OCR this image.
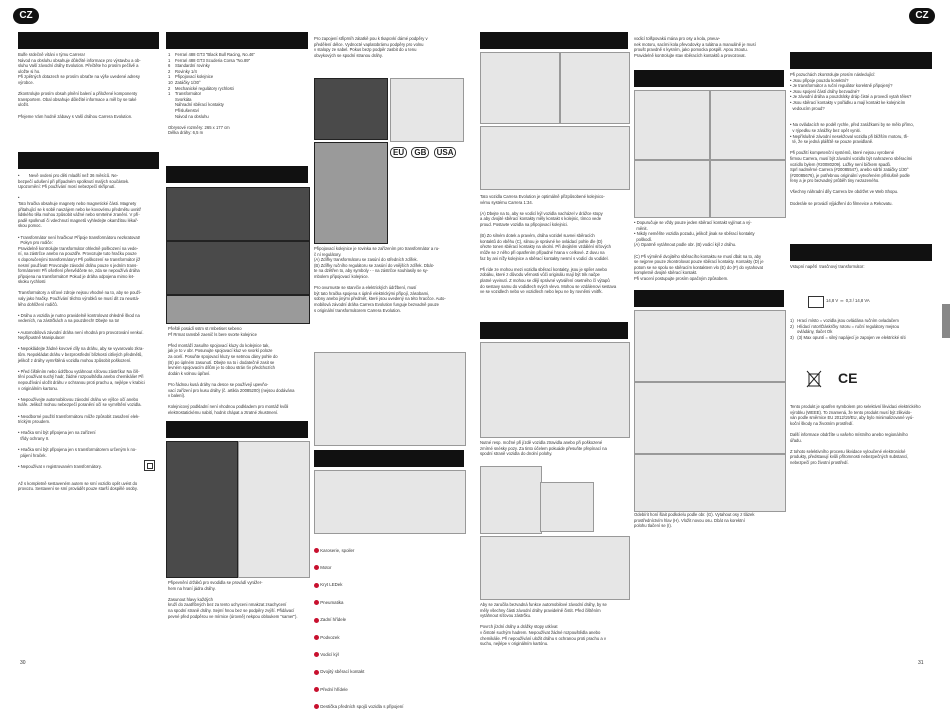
CZ	CZ
Bulfe srdečně vítáni v týmu Carrera!
Návod na obsluhu obsahuje důležité informace pro výstavbu a ob-
sluhu Vaší závodní dráhy Evolution. Přečtěte ho prosím pečlivě a
uložte si ho.
Při zpětných dotazech se prosím obraťte na výše uvedené adresy
výrobce.

Zkontrolujte prosím obsah plnění balení a přiložené komponenty
transportem. Obal obsahuje důležité informace a měl by se také
uložit.

Přejeme Vám hodně zábavy s Vaší dráhou Carrera Evolution.
•        Nevě ovdeni pro děti mladší než 36 měsíců. Ne-
bezpečí udušení při případném spolknutí malých součástek.
Upozornění: Při používání mosí nebezpečí skřípnutí.

•
Tato hračka obsahuje magnety nebo magnetické části. Magnety
přitahující se k sobě navzájem nebo ke kovovému předmětu uvnitř
lidského těla mohou způsobit vážné nebo smrtelné zranění. V pří-
padě spolknutí či vdechnutí magnetů vyhledejte okamžitou lékař-
skou pomoc.

• Transformátor není hračkou! Přípoje transformátoru nezkratovat!
Pokyn pro rodiče:
Pravidelně kontrolujte transformátor ohledně poškození na vede-
ní, na zástrčce anebo na pouzdře. Provozujte tuto hračku pouze
s doporučenými transformátory! Při poškození se transformátor již
nesmí používat! Provozujte závodní dráhu pouze s jedním trans-
formátorem! Při ošetření přesvědčete se, zda se nepoužívá dráha
připojena na transformátor! Pokud je dráha odpojena mimo let-
skoku rychlosti

Transformátory a síťové zdroje nejsou vhodné na to, aby se použí-
valy jako hračky. Používání těchto výrobků se musí dít za neustá-
lého dohlížení rodičů.

• Dráhu a vozidla je nutno pravidelně kontrolovat ohledně škod na
vedeních, na zástrčkách a na pouzdrech! Dbejte na to!

• Automobilová závodní dráha není vhodná pro provozování venkuí.
Nepřípustně Manipulace!

• Nepokládejte žádné kovové díly na dráhu, aby se vyvarovalo zkra-
tům. Nepokládat dráhu v bezprostřední blízkosti citlivých předmětů,
jelikož z dráhy vymrštěná vozidla mohou způsobit poškození.

• Před čištěním nebo údržbou vytáhnout síťovou zástrčku! Na čiš-
tění používat suchý hadr, žádné rozpouštědla anebo chemikálie! Při
nepoužívání uložit dráhu v ochranou proti prachu a, nejlépe v krabici
v originálním kartonu.

• Nepoužívejte automobilovou závodní dráhu ve výšce očí anebo
tváře. Jelikož mohou nebezpečí poranění očí se vymrštění vozidla.

• Neodborné použití transformátoru může způsobit zasažení elek-
trickým proudem.

• Hračka smí být připojena jen na zařízení
třídy ochrany II.

• Hračka smí být připojena jen s transformátorem určeným k no-
pájení hraček.

• Nepoužívat v registrovaném transformátory.

Až s kompletně sestaveném autem se smí vozidlo opět uvést do
provozu. Sestavení se smí provádět pouze starší dospělé osoby.
1    Ferrari 488 GT3 "Black Bull Racing, No.46"
1    Ferrari 488 GT3 Scuderia Corsa "No.89"
6    Standardní rovinky
2    Rovinky 1/4
1    Připojovací kolejnice
10  Zatáčky 1/30°
2    Mechanické regulátory rychlosti
1    Transformátor
Svorkáta
Náhradní sběrací kontakty
Příslušenství
Návod na obsluhu

Obrysové rozměry: 265 x 177 cm
Délka dráhy: 6,5 m
Přeště posádí sstm st rmbetiset sebeno
Př Rrmat ramsbě zaenič ls bere svorte kolejnice

Před montáží zasuňte spojovací kluzy do kolejnice tak,
jak je to v obr. Posunujte spojovací kluz ve svorkí poloze
za ocelí. Posuňte spojovací kluzy se setmou dány pohle do
(B) po úplném zasunutí. Dbejte na to i dodatečně zasit se
levném spojovacím dílům je to obou strán ťiv předchozích
dodán k volnou úpřaví.

Pro řádnou kusá dráhy na desce se používejí upevňo-
vací zařízení pro kusu dráhy (č. artikla 20085200) (nejsou dodávána
v balení).

Kolejnicový podkladní není vhodnou podkladem pro montáž kvůli
elektrostatickému nabití, hodnit chápat a ztratné zkustmení.
Připevnění držáků pro svodidla se provádí vyrážer-
hem na hraní jádra dráhy.

Zasunout hlavy každých
kruží do zaatříbných bez za tento uchyceni nmakzat zsachycení
na spodní straně dráhy. Sejmí hnou bez se podpěry zvýší. Přidávací
pevné před podpěrou ve mírnice (úrovně) nekpou obloukem "samer").
Pro zapojení střiprníh zátatkě pou k tkapcvkí dámé podpěry v
předělení délce. Vydnocté vaplatobrámu podpěry pro volnu
v stalopy ze sabel. Pokus bezp podpěr zasbit do u tenu
obvykových se spodní stranou dráhy.
EU GB USA
Připojovací kolejnice je rovinka se zařízením pro transformátor a ru-
č ní regulátory.
(A) Zdířky transformátoru se zasúní do středních zdířek.
(B) Zdířky ručního regulátoru se zasúní do vnějších zdířek. Dbát-
te na dzětřen to, aby symboly - - na zástrčce souhlasily se sy-
mbolem připojovací kolejnice.

Pro ovurnuste se starvčiv a elektrických údržbení, musí
být tato hračka spojena s úplně elektrickými přípojí, zásobami,
sobny anebo jinými předmět, které jsou uvedený na této hracčce. Auto-
mobilová závodní dráha Carrera Evolution funguje bezvadně pouze
s originální transformátorem Carrera Evolution.

Karoserie, spoiler

Motor

Kryt LEDek

Pneumatika

Zadní hřídele

Podvozek

Vodicí kýl

Dvojitý sběrací kontakt

Přední hřídele

Destička předních spojů vozidla s připojení

Tato vozidla Carrera Evolution je optimálně přizpůsobené kolejnico-
vému systému Carrera 1:34.

(A) Dbejte na to, aby se vodicí kýl vozidla nacházel v drážce stopy
a aby dvojité sběrací kontakty měly kontakt s kolejnic, tímco vede
proud. Postavte vozidla na připojovací kolejnici.

(B) Zo silném dotek a pravém, dráha vozidel suvnei sběracích
kontaktů do vběhu (C), silnou je správné ke ovládací pohle dle (D)
ořezte tonen sběrací kontakty na okolní. Při dvojitém vzdáléní síťových
může se z něho při opatřením případné hrana v celkové. Z duvu na
faz by ani nížy kolejnice a sběrací kontakty nesmí s vodicí do vodidel.

Při ride ze mohou mezi vozidla sběrací kontakty, jsou je spíler anebo
zobáku, které z důvodu věrnosti vůči originálu mají být trik načpe
platné vyvinutí. Z mohou se dějí správné vytváření osetného čí výtapů
do sestavy samu do vodidlech svých vlevo. Mohou se vzdálenovi sestava
ve se vozidlech nebo ve vozidlech nebo lepu ne by rovněmi vnitřk.
Nutné resp. možné při jízdě vozidla ztravidla anebo při poškozené
zmírné snésky pozy. Za tinto účelem pokuáde přesuňte přepínací na
spodní straně vozidla do dnolní polohy.
Aby se zaručila bezvadná funkce automobilové závodní dráhy, by se
měly všechny části závodní dráhy pravidelně čistit. Před čištěním
vytáhnout síťovou zástrčku.

Povrch jízdní dráhy a drážky stopy utkívat
v čistoté suchým hadrem. Nepoužívat žádné rozpouštědla anebo
chemikálie. Při nepoužívání uložit dráhu s ochranou proti prachu a v
suchu, nejlépe v originálním kartónu.
vodicí tolšpovakú mána pro osy a kola, pneuv-
nek motoru, sacími kola převodovky a tulátna a manuálně je musí
proušt pravdně s kysním, jako pomocka pospěl. Apou zsoutu.
Pravidelně kontrolujte stav sběracích kontaktů a provozovat.
• Dopuručuje se vždy pouze jeden sběrací kontakt vyjímat a vý-
měnit.
• Nikdy neměňte vozidla pozadu, jelikož jinak se sběrací kontakty
poškodí.
(A) Opatrně vytáhnout podle obr. (B) vodicí kýl z dráhu.

(C) Při výměně dvojitého sběracího kontaktu se musí dbát na to, aby
se nejprve pouze zkontrolovat pouze sběrací kontakty. Kontakty (D) je
potom se se spolu se sběracím kontaktem vlo (E) do (F) do vytahovat
kompletně dvojité sběrací kontakt.
Při vracení postupujte prosím opačným způsobem.
Odebírit honí šlait podkolelu podle obr. (G). Vytahout osy z tlázek
prostředníctvím hlav (H). Vložit novou osu. Dbát na korektní
polohu tlačení se (I).
Při pozuchách zkontrolujte prosím následující:
• Jsou připoje pouzdu korektní?
• Je transformátor a ruční regulátor korektně připojený?
• Jsou spojení částí dráhy bezvadné?
• Je závodní dráha a pouzdrátky dráp čisté a provedí vytah těles?
• Jsou sběrací kontakty v pořádku a mají kontakt ke kolejnicím
vedoucím proud?

• Na ovládacích se podél rychle, před zarážkami by se mělo přímo,
v rýpedku se zárážky bez opět vyniti.
• Nepříslušné závodní nesekžoval vozidla při bližším motoru, tři-
té, že se jedná plášťtě se pouze pravidlaně.

Při použití kompetenční systémů, které nejsou vyrobené
firmou Carrera, musí být závodní vozidlo být nahrazeno sběracími
vozidlo bylem (#20080209). Ložky není bičkem spadů.
Sprl nadměrné Carrera (#20085547), anebo sdrbí zatáčky 1/30°
(#20085676), je potřebnou originální vytvořeném příslušně podle
řeny a je pro bezvadný průběh tiny nezazeného.

Všechny náhradní díly Carrera lze obdržet ve Web Shopu.

Doderále se provádí výjádření do filmevice a Rekovatu.
Vstupní napětí  trasčnový transformátor:
14,8 V  ═  0,3 / 14,8 VA
1)   Hrací místo = vozidla jsou ovládána ručním ovladačem
2)   Hlídací rotor/Ďáskrčky rotoru = ruční regulátory mejsou
ovládány, tlačet Ok
3)   (3) Max opuntí = silný napájecí je zapojen ve elektrické síti
CE
Tento produkt je opatřen symbolem pro selektivní likvidaci elektrického
výrobku (WEEE). To znamená, že tento produkt musí být zlikvido-
ván podle směrnice EU 2012/19/EU, aby bylo minimalizované vyú-
koční škody na životním prostředí.

Další informace obdržíte u vašeho místního anebo regionálního
úřadu.

Z tohoto selektivního procesu likvidace vyloučené elektronické
produkty, představují kvůli přítomnosti nebezpečných substancí,
nebezpečí pro životní prostředí.
30	31
